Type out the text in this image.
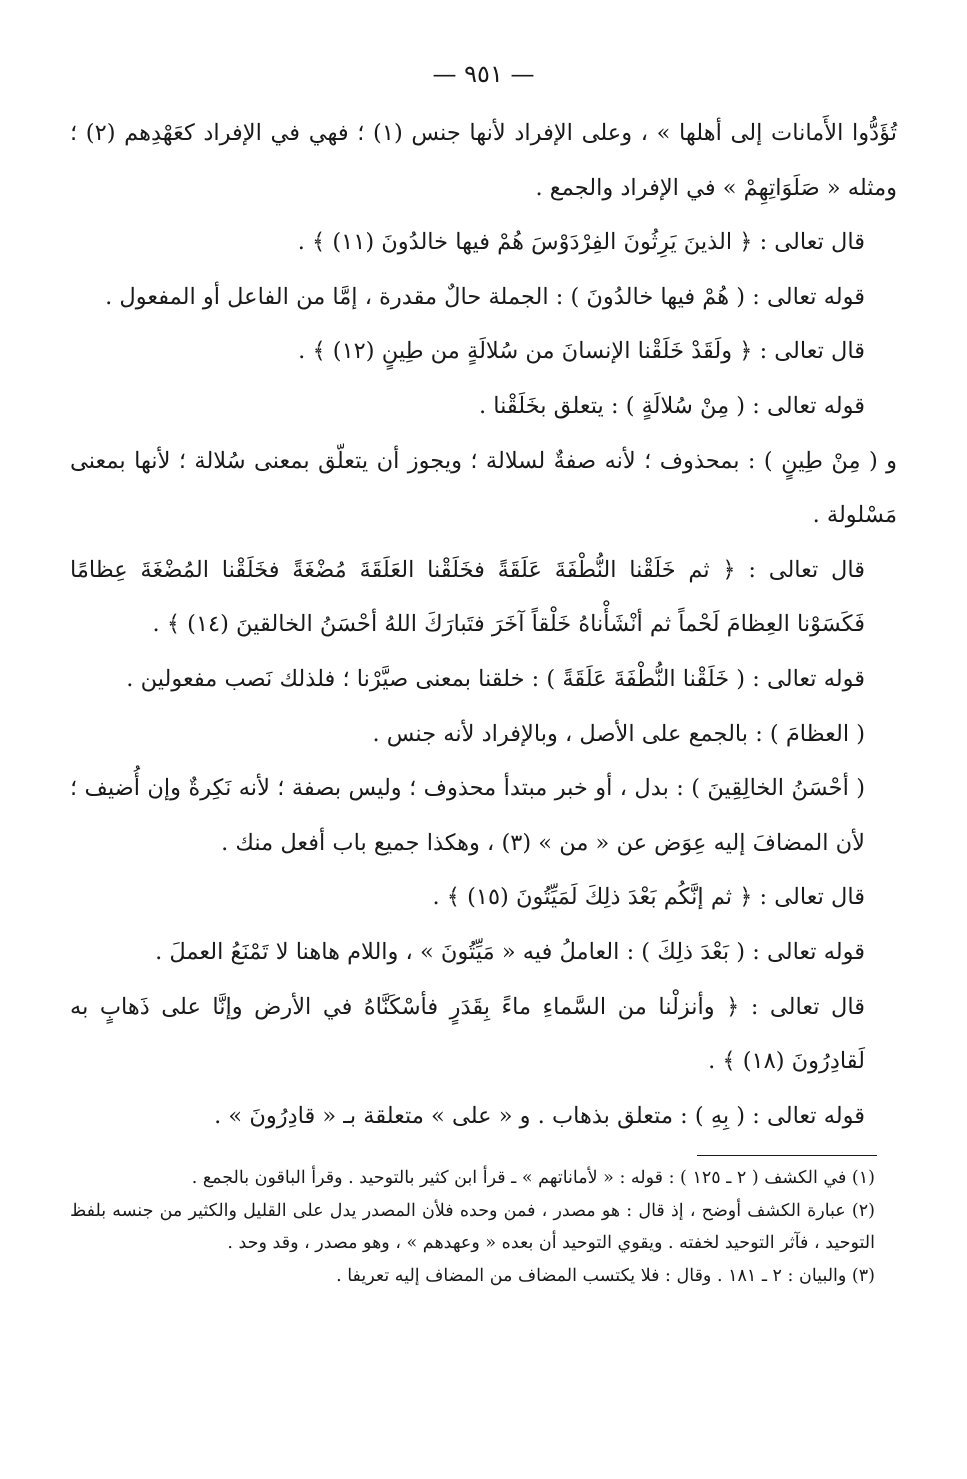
— ٩٥١ —

تُؤَدُّوا الأَمانات إلى أهلها » ، وعلى الإفراد لأنها جنس (١) ؛ فهي في الإفراد كعَهْدِهم (٢) ؛ ومثله « صَلَوَاتِهِمْ » في الإفراد والجمع .

قال تعالى : ﴿ الذينَ يَرِثُونَ الفِرْدَوْسَ هُمْ فيها خالدُونَ (١١) ﴾ .

قوله تعالى : ( هُمْ فيها خالدُونَ ) : الجملة حالٌ مقدرة ، إمَّا من الفاعل أو المفعول .

قال تعالى : ﴿ ولَقَدْ خَلَقْنا الإنسانَ من سُلالَةٍ من طِينٍ (١٢) ﴾ .

قوله تعالى : ( مِنْ سُلالَةٍ ) : يتعلق بخَلَقْنا .

و ( مِنْ طِينٍ ) : بمحذوف ؛ لأنه صفةٌ لسلالة ؛ ويجوز أن يتعلّق بمعنى سُلالة ؛ لأنها بمعنى مَسْلولة .

قال تعالى : ﴿ ثم خَلَقْنا النُّطْفَةَ عَلَقَةً فخَلَقْنا العَلَقَةَ مُضْغَةً فخَلَقْنا المُضْغَةَ عِظامًا فَكَسَوْنا العِظامَ لَحْماً ثم أنْشَأْناهُ خَلْقاً آخَرَ فتَبارَكَ اللهُ أحْسَنُ الخالقينَ (١٤) ﴾ .

قوله تعالى : ( خَلَقْنا النُّطْفَةَ عَلَقَةً ) : خلقنا بمعنى صيَّرْنا ؛ فلذلك نَصب مفعولين .

( العظامَ ) : بالجمع على الأصل ، وبالإفراد لأنه جنس .

( أحْسَنُ الخالِقِينَ ) : بدل ، أو خبر مبتدأ محذوف ؛ وليس بصفة ؛ لأنه نَكِرةٌ وإن أُضيف ؛ لأن المضافَ إليه عِوَض عن « من » (٣) ، وهكذا جميع باب أفعل منك .

قال تعالى : ﴿ ثم إنَّكُم بَعْدَ ذلِكَ لَمَيِّتُونَ (١٥) ﴾ .

قوله تعالى : ( بَعْدَ ذلِكَ ) : العاملُ فيه « مَيِّتُونَ » ، واللام هاهنا لا تَمْنَعُ العملَ .

قال تعالى : ﴿ وأنزلْنا من السَّماءِ ماءً بِقَدَرٍ فأسْكَنَّاهُ في الأرض وإنَّا على ذَهابٍ به لَقادِرُونَ (١٨) ﴾ .

قوله تعالى : ( بِهِ ) : متعلق بذهاب . و « على » متعلقة بـ « قادِرُونَ » .

(١) في الكشف ( ٢ ـ ١٢٥ ) : قوله : « لأماناتهم » ـ قرأ ابن كثير بالتوحيد . وقرأ الباقون بالجمع .

(٢) عبارة الكشف أوضح ، إذ قال : هو مصدر ، فمن وحده فلأن المصدر يدل على القليل والكثير من جنسه بلفظ التوحيد ، فآثر التوحيد لخفته . ويقوي التوحيد أن بعده « وعهدهم » ، وهو مصدر ، وقد وحد .

(٣) والبيان : ٢ ـ ١٨١ . وقال : فلا يكتسب المضاف من المضاف إليه تعريفا .
